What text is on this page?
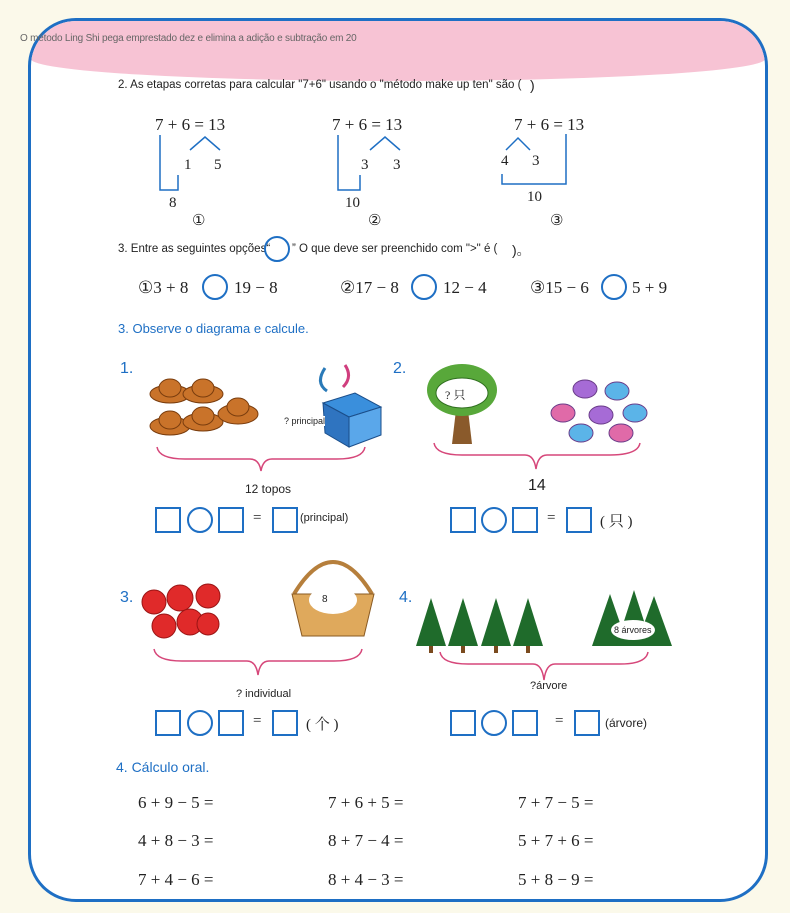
O método Ling Shi pega emprestado dez e elimina a adição e subtração em 20
2. As etapas corretas para calcular "7+6" usando o "método make up ten" são ( )
7 + 6 = 13
1 5
8
①
7 + 6 = 13
3 3
10
②
7 + 6 = 13
4 3
10
③
3. Entre as seguintes opções“ ” O que deve ser preenchido com ">" é ( )。
①3 + 8	19 − 8	②17 − 8	12 − 4	③15 − 6	5 + 9
3. Observe o diagrama e calcule.
1.
? principal
12 topos
=	(principal)
2.
? 只
14
=	( 只 )
3.	8
? individual
=	( 个 )
4.
8 árvores
?árvore
=	(árvore)
4. Cálculo oral.
6 + 9 − 5 =	7 + 6 + 5 =	7 + 7 − 5 =
4 + 8 − 3 =	8 + 7 − 4 =	5 + 7 + 6 =
7 + 4 − 6 =	8 + 4 − 3 =	5 + 8 − 9 =
